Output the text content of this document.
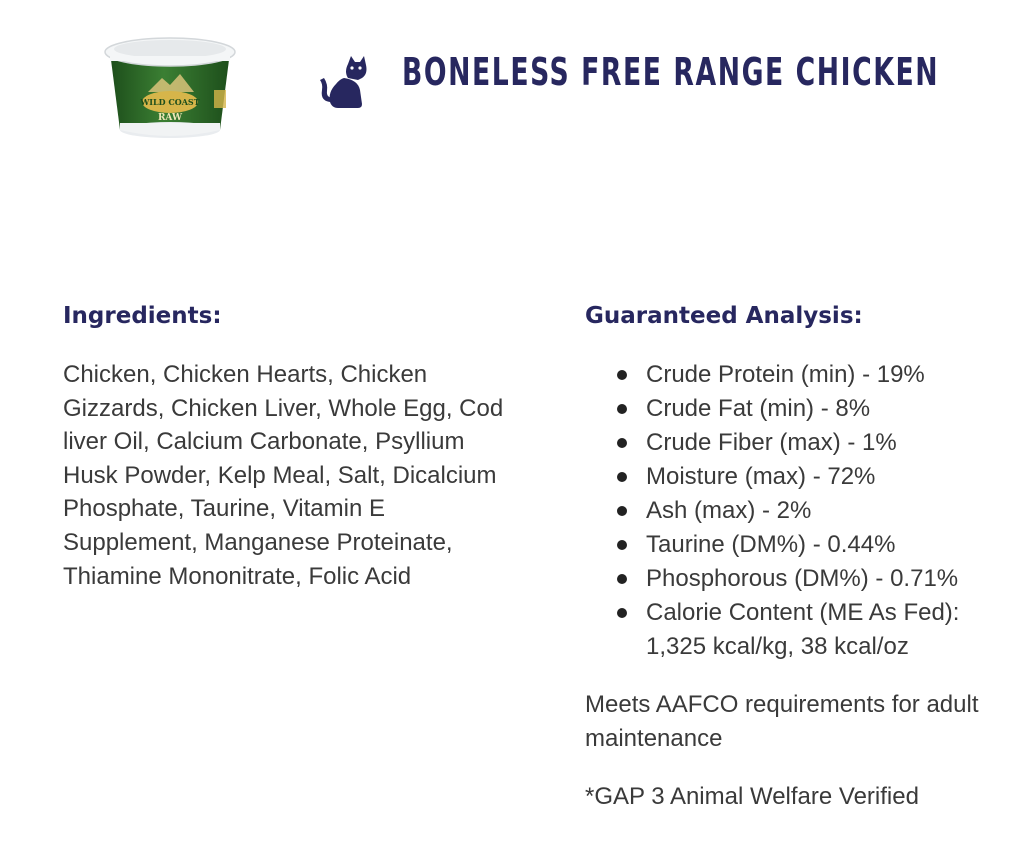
WILD COAST
RAW
BONELESS FREE RANGE CHICKEN
Ingredients:
Chicken, Chicken Hearts, Chicken Gizzards, Chicken Liver, Whole Egg, Cod liver Oil, Calcium Carbonate, Psyllium Husk Powder, Kelp Meal, Salt, Dicalcium Phosphate, Taurine, Vitamin E Supplement, Manganese Proteinate, Thiamine Mononitrate, Folic Acid
Guaranteed Analysis:
Crude Protein (min) - 19%
Crude Fat (min) - 8%
Crude Fiber (max) - 1%
Moisture (max) - 72%
Ash (max) - 2%
Taurine (DM%) - 0.44%
Phosphorous (DM%) - 0.71%
Calorie Content (ME As Fed): 1,325 kcal/kg, 38 kcal/oz
Meets AAFCO requirements for adult maintenance
*GAP 3 Animal Welfare Verified
